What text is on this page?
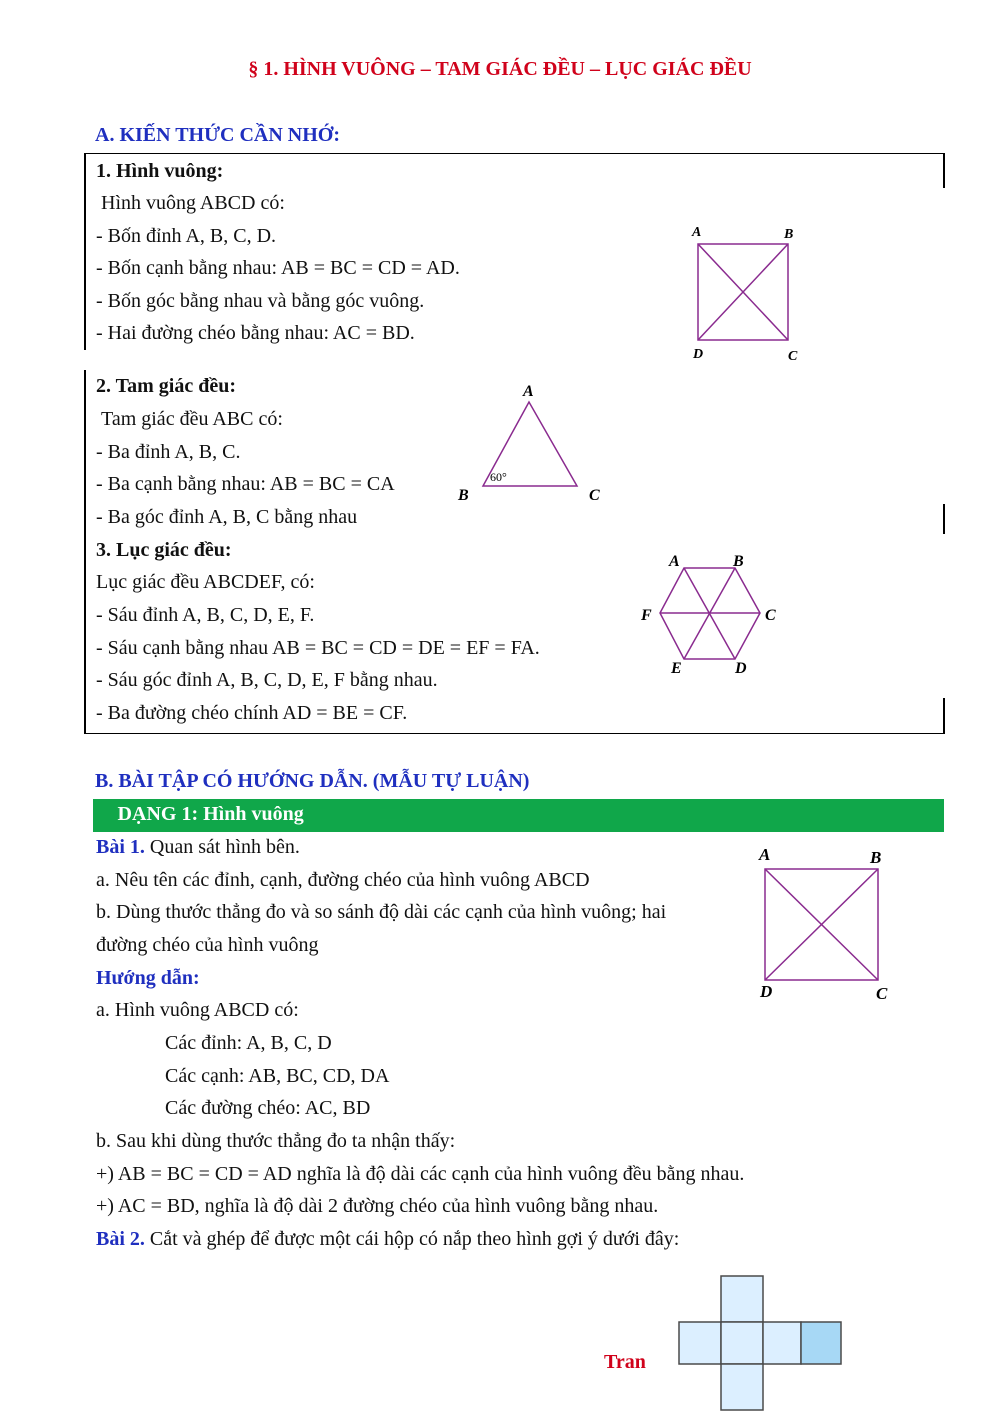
§ 1. HÌNH VUÔNG – TAM GIÁC ĐỀU – LỤC GIÁC ĐỀU
A. KIẾN THỨC CẦN NHỚ:
1. Hình vuông:
Hình vuông ABCD có:
- Bốn đỉnh A, B, C, D.
- Bốn cạnh bằng nhau: AB = BC = CD = AD.
- Bốn góc bằng nhau và bằng góc vuông.
- Hai đường chéo bằng nhau: AC = BD.
A	B
C
D
2. Tam giác đều:
Tam giác đều ABC có:
- Ba đỉnh A, B, C.
- Ba cạnh bằng nhau: AB = BC = CA
- Ba góc đỉnh A, B, C bằng nhau
A
B	C
60°
3. Lục giác đều:
Lục giác đều ABCDEF, có:
- Sáu đỉnh A, B, C, D, E, F.
- Sáu cạnh bằng nhau AB = BC = CD = DE = EF = FA.
- Sáu góc đỉnh A, B, C, D, E, F bằng nhau.
- Ba đường chéo chính AD = BE = CF.
A	B
C
D
E
F
B. BÀI TẬP CÓ HƯỚNG DẪN. (MẪU TỰ LUẬN)
DẠNG 1: Hình vuông
Bài 1. Quan sát hình bên.
a. Nêu tên các đỉnh, cạnh, đường chéo của hình vuông ABCD
b. Dùng thước thẳng đo và so sánh độ dài các cạnh của hình vuông; hai
đường chéo của hình vuông
Hướng dẫn:
a. Hình vuông ABCD có:
Các đỉnh: A, B, C, D
Các cạnh: AB, BC, CD, DA
Các đường chéo: AC, BD
b. Sau khi dùng thước thẳng đo ta nhận thấy:
+) AB = BC = CD = AD nghĩa là độ dài các cạnh của hình vuông đều bằng nhau.
+) AC = BD, nghĩa là độ dài 2 đường chéo của hình vuông bằng nhau.
A	B
C
D
Bài 2. Cắt và ghép để được một cái hộp có nắp theo hình gợi ý dưới đây:
Tran
